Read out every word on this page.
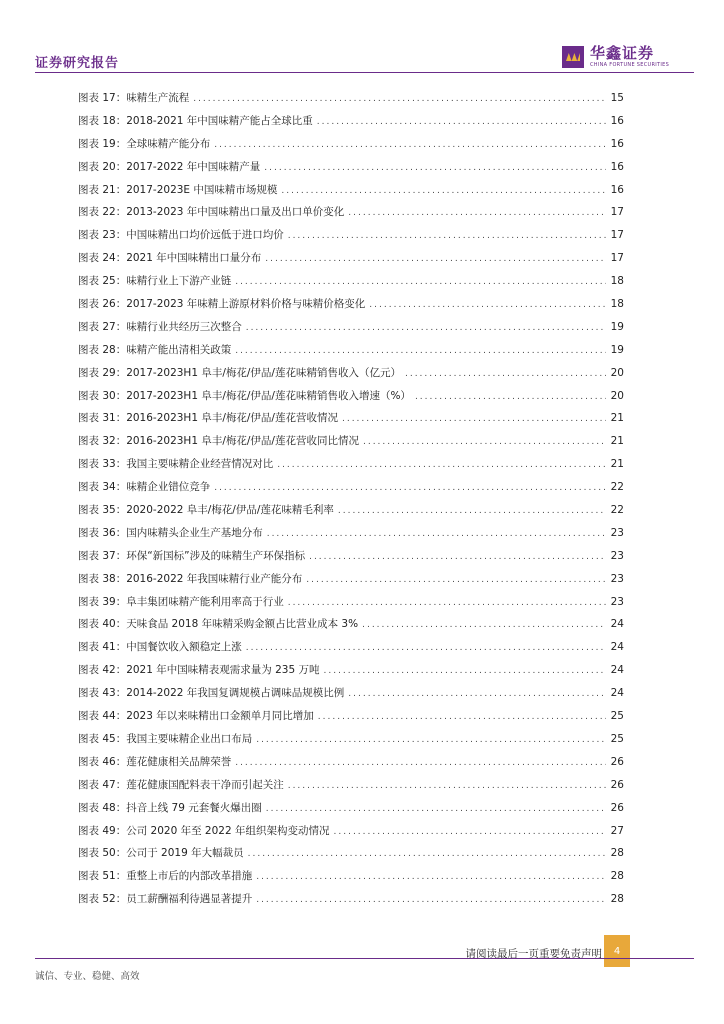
证券研究报告
华鑫证券
CHINA FORTUNE SECURITIES
图表 17：味精生产流程 .....	15
图表 18：2018-2021 年中国味精产能占全球比重 .....	16
图表 19：全球味精产能分布 .....	16
图表 20：2017-2022 年中国味精产量 .....	16
图表 21：2017-2023E 中国味精市场规模 .....	16
图表 22：2013-2023 年中国味精出口量及出口单价变化 .....	17
图表 23：中国味精出口均价远低于进口均价 .....	17
图表 24：2021 年中国味精出口量分布 .....	17
图表 25：味精行业上下游产业链 .....	18
图表 26：2017-2023 年味精上游原材料价格与味精价格变化 .....	18
图表 27：味精行业共经历三次整合 .....	19
图表 28：味精产能出清相关政策 .....	19
图表 29：2017-2023H1 阜丰/梅花/伊品/莲花味精销售收入（亿元） .....	20
图表 30：2017-2023H1 阜丰/梅花/伊品/莲花味精销售收入增速（%） .....	20
图表 31：2016-2023H1 阜丰/梅花/伊品/莲花营收情况 .....	21
图表 32：2016-2023H1 阜丰/梅花/伊品/莲花营收同比情况 .....	21
图表 33：我国主要味精企业经营情况对比 .....	21
图表 34：味精企业错位竞争 .....	22
图表 35：2020-2022 阜丰/梅花/伊品/莲花味精毛利率 .....	22
图表 36：国内味精头企业生产基地分布 .....	23
图表 37：环保“新国标”涉及的味精生产环保指标 .....	23
图表 38：2016-2022 年我国味精行业产能分布 .....	23
图表 39：阜丰集团味精产能利用率高于行业 .....	23
图表 40：天味食品 2018 年味精采购金额占比营业成本 3% .....	24
图表 41：中国餐饮收入额稳定上涨 .....	24
图表 42：2021 年中国味精表观需求量为 235 万吨 .....	24
图表 43：2014-2022 年我国复调规模占调味品规模比例 .....	24
图表 44：2023 年以来味精出口金额单月同比增加 .....	25
图表 45：我国主要味精企业出口布局 .....	25
图表 46：莲花健康相关品牌荣誉 .....	26
图表 47：莲花健康国配料表干净而引起关注 .....	26
图表 48：抖音上线 79 元套餐火爆出圈 .....	26
图表 49：公司 2020 年至 2022 年组织架构变动情况 .....	27
图表 50：公司于 2019 年大幅裁员 .....	28
图表 51：重整上市后的内部改革措施 .....	28
图表 52：员工薪酬福利待遇显著提升 .....	28
请阅读最后一页重要免责声明	4
诚信、专业、稳健、高效
